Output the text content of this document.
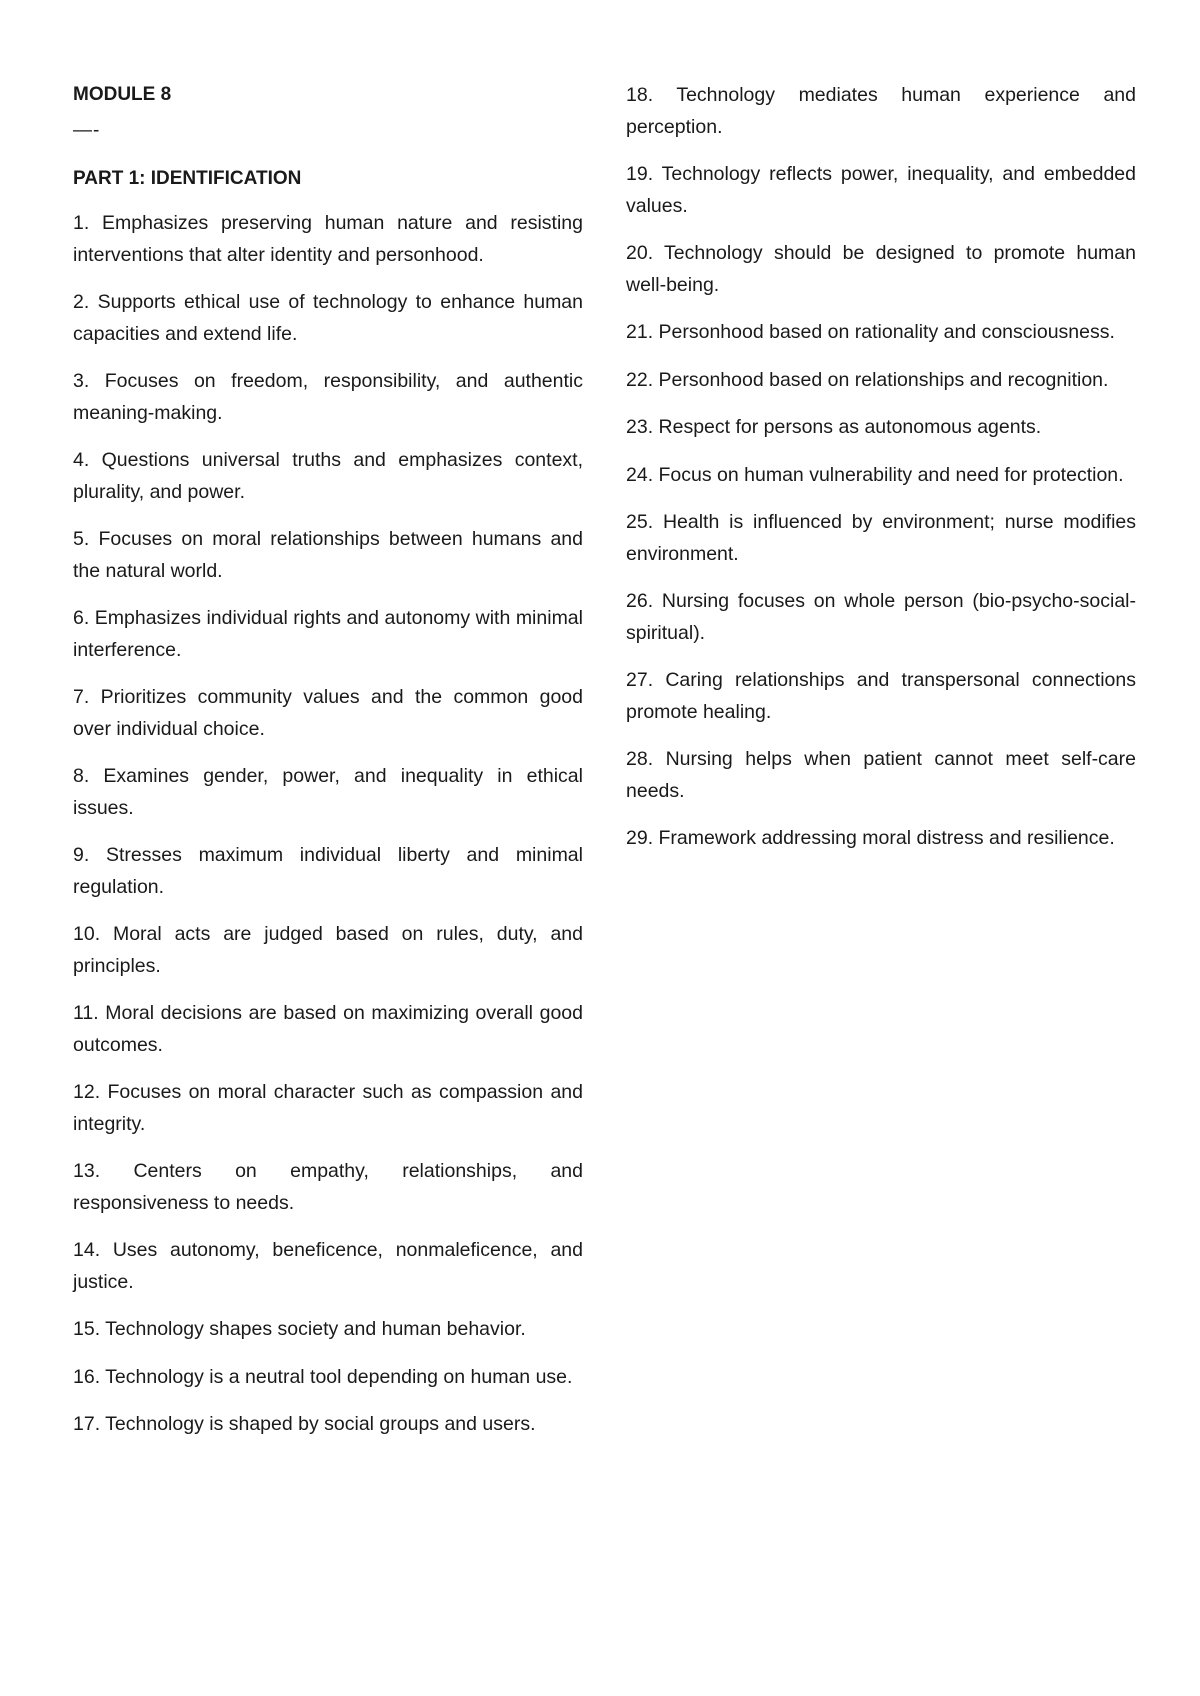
MODULE 8
—-
PART 1: IDENTIFICATION

1. Emphasizes preserving human nature and resisting interventions that alter identity and personhood.

2. Supports ethical use of technology to enhance human capacities and extend life.

3. Focuses on freedom, responsibility, and authentic meaning-making.

4. Questions universal truths and emphasizes context, plurality, and power.

5. Focuses on moral relationships between humans and the natural world.

6. Emphasizes individual rights and autonomy with minimal interference.

7. Prioritizes community values and the common good over individual choice.

8. Examines gender, power, and inequality in ethical issues.

9. Stresses maximum individual liberty and minimal regulation.

10. Moral acts are judged based on rules, duty, and principles.

11. Moral decisions are based on maximizing overall good outcomes.

12. Focuses on moral character such as compassion and integrity.

13. Centers on empathy, relationships, and responsiveness to needs.

14. Uses autonomy, beneficence, nonmaleficence, and justice.

15. Technology shapes society and human behavior.

16. Technology is a neutral tool depending on human use.

17. Technology is shaped by social groups and users.

18. Technology mediates human experience and perception.

19. Technology reflects power, inequality, and embedded values.

20. Technology should be designed to promote human well-being.

21. Personhood based on rationality and consciousness.

22. Personhood based on relationships and recognition.

23. Respect for persons as autonomous agents.

24. Focus on human vulnerability and need for protection.

25. Health is influenced by environment; nurse modifies environment.

26. Nursing focuses on whole person (bio-psycho-social-spiritual).

27. Caring relationships and transpersonal connections promote healing.

28. Nursing helps when patient cannot meet self-care needs.

29. Framework addressing moral distress and resilience.
